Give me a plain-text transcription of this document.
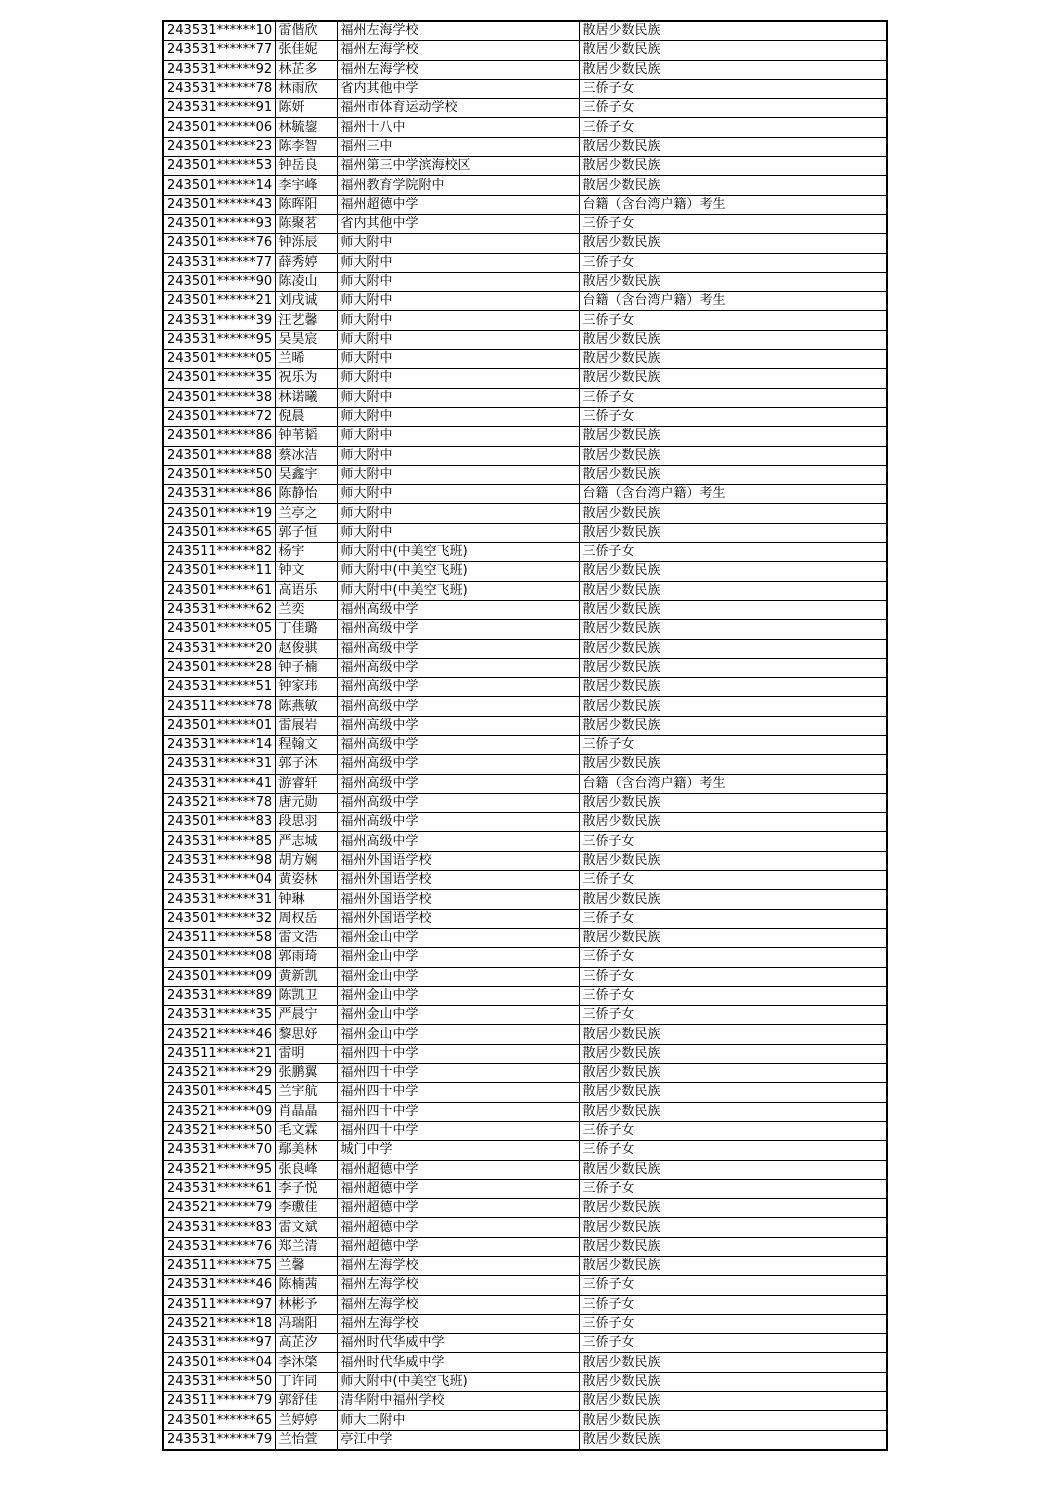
243531******10	雷偕欣	福州左海学校	散居少数民族
243531******77	张佳妮	福州左海学校	散居少数民族
243531******92	林芷多	福州左海学校	散居少数民族
243531******78	林雨欣	省内其他中学	三侨子女
243531******91	陈妍	福州市体育运动学校	三侨子女
243501******06	林毓鋆	福州十八中	三侨子女
243501******23	陈李智	福州三中	散居少数民族
243501******53	钟岳良	福州第三中学滨海校区	散居少数民族
243501******14	李宇峰	福州教育学院附中	散居少数民族
243501******43	陈晖阳	福州超德中学	台籍（含台湾户籍）考生
243501******93	陈聚茗	省内其他中学	三侨子女
243501******76	钟泺辰	师大附中	散居少数民族
243531******77	薛秀婷	师大附中	三侨子女
243501******90	陈凌山	师大附中	散居少数民族
243501******21	刘戌诚	师大附中	台籍（含台湾户籍）考生
243531******39	汪艺馨	师大附中	三侨子女
243531******95	吴昊宸	师大附中	散居少数民族
243501******05	兰晞	师大附中	散居少数民族
243501******35	祝乐为	师大附中	散居少数民族
243501******38	林诺曦	师大附中	三侨子女
243501******72	倪晨	师大附中	三侨子女
243501******86	钟苇韬	师大附中	散居少数民族
243501******88	蔡冰洁	师大附中	散居少数民族
243501******50	吴鑫宇	师大附中	散居少数民族
243531******86	陈静怡	师大附中	台籍（含台湾户籍）考生
243501******19	兰亭之	师大附中	散居少数民族
243501******65	郭子恒	师大附中	散居少数民族
243511******82	杨宇	师大附中(中美空飞班)	三侨子女
243501******11	钟文	师大附中(中美空飞班)	散居少数民族
243501******61	高语乐	师大附中(中美空飞班)	散居少数民族
243531******62	兰奕	福州高级中学	散居少数民族
243501******05	丁佳璐	福州高级中学	散居少数民族
243531******20	赵俊骐	福州高级中学	散居少数民族
243501******28	钟子楠	福州高级中学	散居少数民族
243531******51	钟家玮	福州高级中学	散居少数民族
243511******78	陈燕敏	福州高级中学	散居少数民族
243501******01	雷展岩	福州高级中学	散居少数民族
243531******14	程翰文	福州高级中学	三侨子女
243531******31	郭子沐	福州高级中学	散居少数民族
243531******41	游睿轩	福州高级中学	台籍（含台湾户籍）考生
243521******78	唐元勋	福州高级中学	散居少数民族
243501******83	段思羽	福州高级中学	散居少数民族
243531******85	严志城	福州高级中学	三侨子女
243531******98	胡方娴	福州外国语学校	散居少数民族
243531******04	黄姿林	福州外国语学校	三侨子女
243531******31	钟琳	福州外国语学校	散居少数民族
243501******32	周权岳	福州外国语学校	三侨子女
243511******58	雷文浩	福州金山中学	散居少数民族
243501******08	郭雨琦	福州金山中学	三侨子女
243501******09	黄新凯	福州金山中学	三侨子女
243531******89	陈凯卫	福州金山中学	三侨子女
243531******35	严晨宁	福州金山中学	三侨子女
243521******46	黎思妤	福州金山中学	散居少数民族
243511******21	雷明	福州四十中学	散居少数民族
243521******29	张鹏翼	福州四十中学	散居少数民族
243501******45	兰宇航	福州四十中学	散居少数民族
243521******09	肖晶晶	福州四十中学	散居少数民族
243521******50	毛文霖	福州四十中学	三侨子女
243531******70	鄢美林	城门中学	三侨子女
243521******95	张良峰	福州超德中学	散居少数民族
243531******61	李子悦	福州超德中学	三侨子女
243521******79	李璷佳	福州超德中学	散居少数民族
243531******83	雷文斌	福州超德中学	散居少数民族
243531******76	郑兰清	福州超德中学	散居少数民族
243511******75	兰馨	福州左海学校	散居少数民族
243531******46	陈楠茜	福州左海学校	三侨子女
243511******97	林彬予	福州左海学校	三侨子女
243521******18	冯瑞阳	福州左海学校	三侨子女
243531******97	高芷汐	福州时代华威中学	三侨子女
243501******04	李沐棨	福州时代华威中学	散居少数民族
243531******50	丁许同	师大附中(中美空飞班)	散居少数民族
243511******79	郭舒佳	清华附中福州学校	散居少数民族
243501******65	兰婷婷	师大二附中	散居少数民族
243531******79	兰怡萱	亭江中学	散居少数民族
